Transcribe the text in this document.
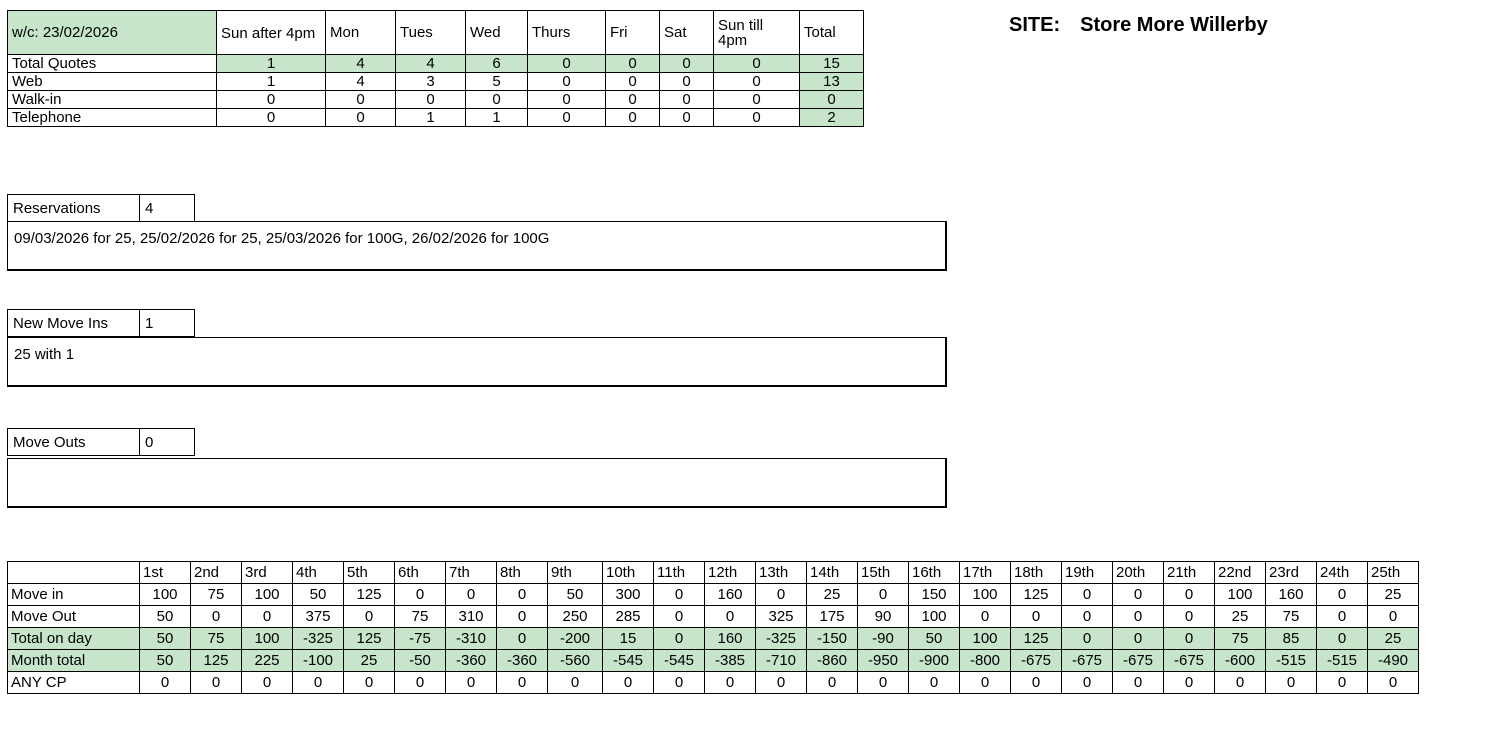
w/c: 23/02/2026	Sun after 4pm	Mon	Tues	Wed	Thurs	Fri	Sat	Sun till 4pm	Total
Total Quotes	1	4	4	6	0	0	0	0	15
Web	1	4	3	5	0	0	0	0	13
Walk-in	0	0	0	0	0	0	0	0	0
Telephone	0	0	1	1	0	0	0	0	2
SITE: Store More Willerby
Reservations	4
09/03/2026 for 25, 25/02/2026 for 25, 25/03/2026 for 100G, 26/02/2026 for 100G
New Move Ins	1
25 with 1
Move Outs	0
	1st	2nd	3rd	4th	5th	6th	7th	8th	9th	10th	11th	12th	13th	14th	15th	16th	17th	18th	19th	20th	21th	22nd	23rd	24th	25th
Move in	100	75	100	50	125	0	0	0	50	300	0	160	0	25	0	150	100	125	0	0	0	100	160	0	25
Move Out	50	0	0	375	0	75	310	0	250	285	0	0	325	175	90	100	0	0	0	0	0	25	75	0	0
Total on day	50	75	100	-325	125	-75	-310	0	-200	15	0	160	-325	-150	-90	50	100	125	0	0	0	75	85	0	25
Month total	50	125	225	-100	25	-50	-360	-360	-560	-545	-545	-385	-710	-860	-950	-900	-800	-675	-675	-675	-675	-600	-515	-515	-490
ANY CP	0	0	0	0	0	0	0	0	0	0	0	0	0	0	0	0	0	0	0	0	0	0	0	0	0
